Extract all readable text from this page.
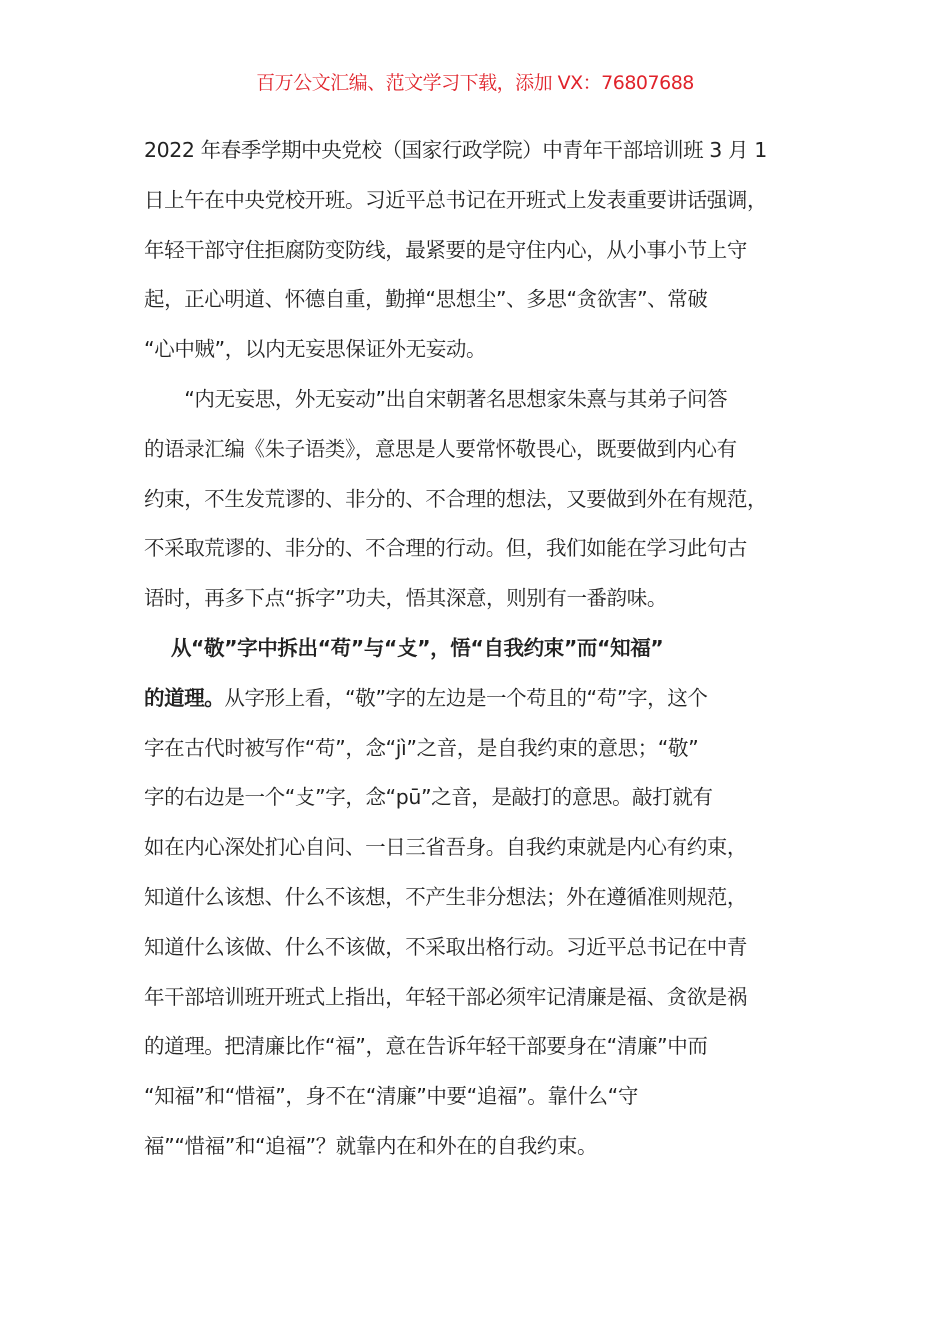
百万公文汇编、范文学习下载，添加 VX：76807688
2022 年春季学期中央党校（国家行政学院）中青年干部培训班 3 月 1
日上午在中央党校开班。习近平总书记在开班式上发表重要讲话强调，
年轻干部守住拒腐防变防线，最紧要的是守住内心，从小事小节上守
起，正心明道、怀德自重，勤掸“思想尘”、多思“贪欲害”、常破
“心中贼”，以内无妄思保证外无妄动。
　　“内无妄思，外无妄动”出自宋朝著名思想家朱熹与其弟子问答
的语录汇编《朱子语类》，意思是人要常怀敬畏心，既要做到内心有
约束，不生发荒谬的、非分的、不合理的想法，又要做到外在有规范，
不采取荒谬的、非分的、不合理的行动。但，我们如能在学习此句古
语时，再多下点“拆字”功夫，悟其深意，则别有一番韵味。
　 从“敬”字中拆出“苟”与“攴”，悟“自我约束”而“知福”
的道理。从字形上看，“敬”字的左边是一个苟且的“苟”字，这个
字在古代时被写作“苟”，念“jì”之音，是自我约束的意思；“敬”
字的右边是一个“攴”字，念“pū”之音，是敲打的意思。敲打就有
如在内心深处扪心自问、一日三省吾身。自我约束就是内心有约束，
知道什么该想、什么不该想，不产生非分想法；外在遵循准则规范，
知道什么该做、什么不该做，不采取出格行动。习近平总书记在中青
年干部培训班开班式上指出，年轻干部必须牢记清廉是福、贪欲是祸
的道理。把清廉比作“福”，意在告诉年轻干部要身在“清廉”中而
“知福”和“惜福”，身不在“清廉”中要“追福”。靠什么“守
福”“惜福”和“追福”？就靠内在和外在的自我约束。
